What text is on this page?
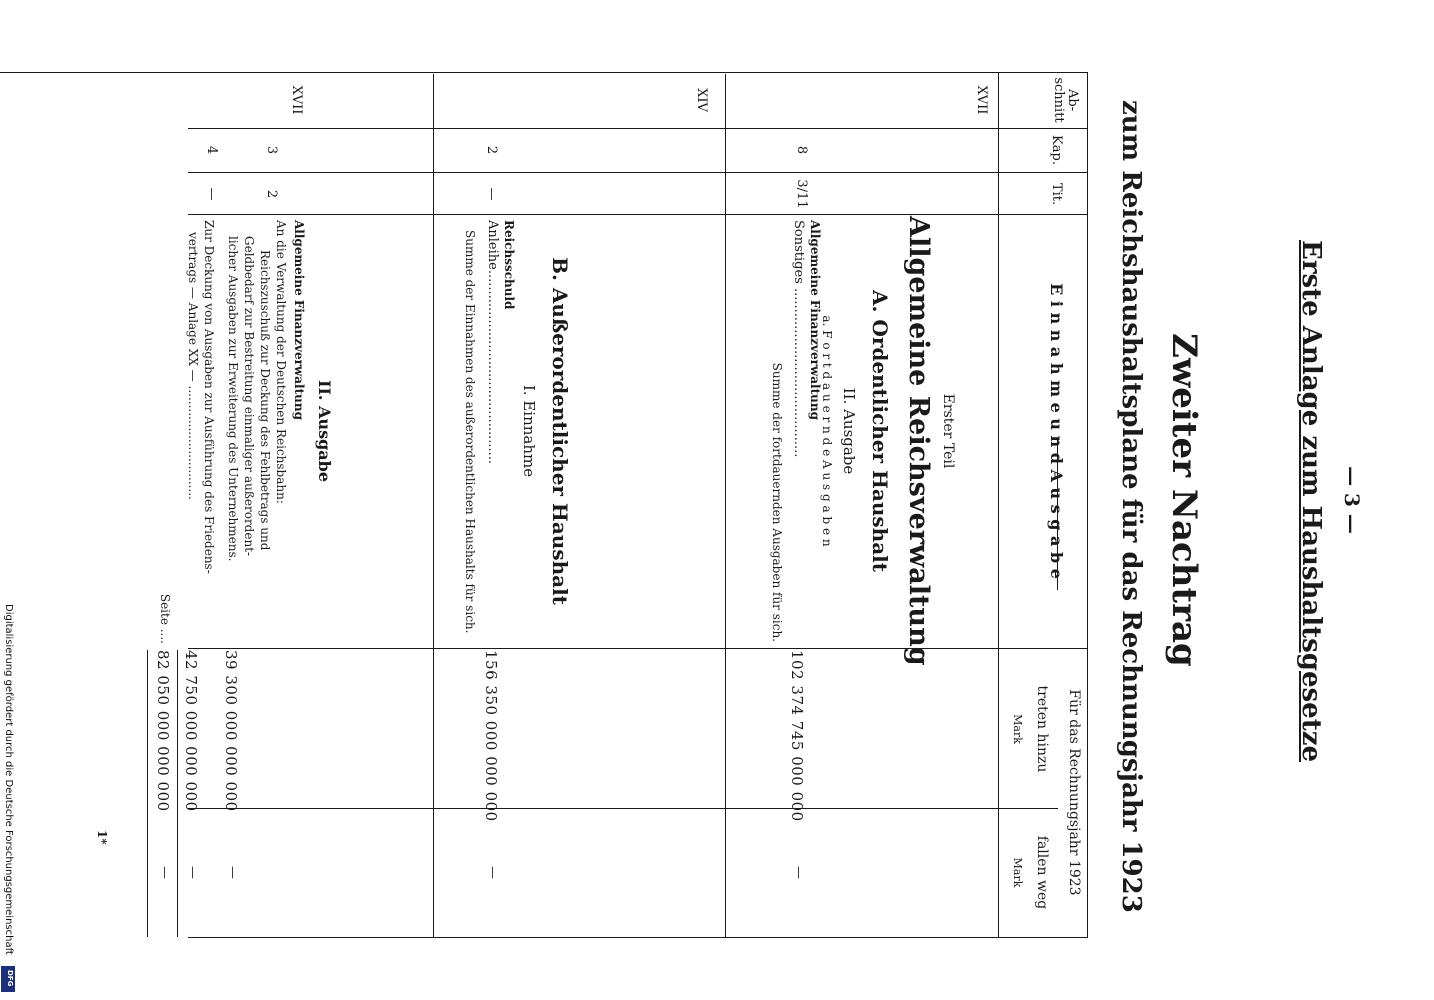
— 3 —
Erste Anlage zum Haushaltsgesetze
Zweiter Nachtrag
zum Reichshaushaltsplane für das Rechnungsjahr 1923
Ab-
schnitt
Kap.
Tit.
E i n n a h m e u n d A u s g a b e
Für das Rechnungsjahr 1923
treten hinzu
Mark
fallen weg
Mark
Erster Teil
Allgemeine Reichsverwaltung
A. Ordentlicher Haushalt
II. Ausgabe
a. F o r t d a u e r n d e A u s g a b e n
XVII
8
3/11
Allgemeine Finanzverwaltung
Sonstiges .........................................
102 374 745 000 000
—
Summe der fortdauernden Ausgaben für sich.
B. Außerordentlicher Haushalt
I. Einnahme
XIV
2
—
Reichsschuld
Anleihe...............................................
156 350 000 000 000
—
Summe der Einnahmen des außerordentlichen Haushalts für sich.
II. Ausgabe
XVII
3
2
Allgemeine Finanzverwaltung
An die Verwaltung der Deutschen Reichsbahn:
Reichszuschuß zur Deckung des Fehlbetrags und
Geldbedarf zur Bestreitung einmaliger außerordent-
licher Ausgaben zur Erweiterung des Unternehmens.
39 300 000 000 000
—
4
—
Zur Deckung von Ausgaben zur Ausführung des Friedens-
vertrags — Anlage XX — ..............................
42 750 000 000 000
—
Seite ....
82 050 000 000 000
—
1*
Digitalisierung gefördert durch die Deutsche Forschungsgemeinschaft
DFG
